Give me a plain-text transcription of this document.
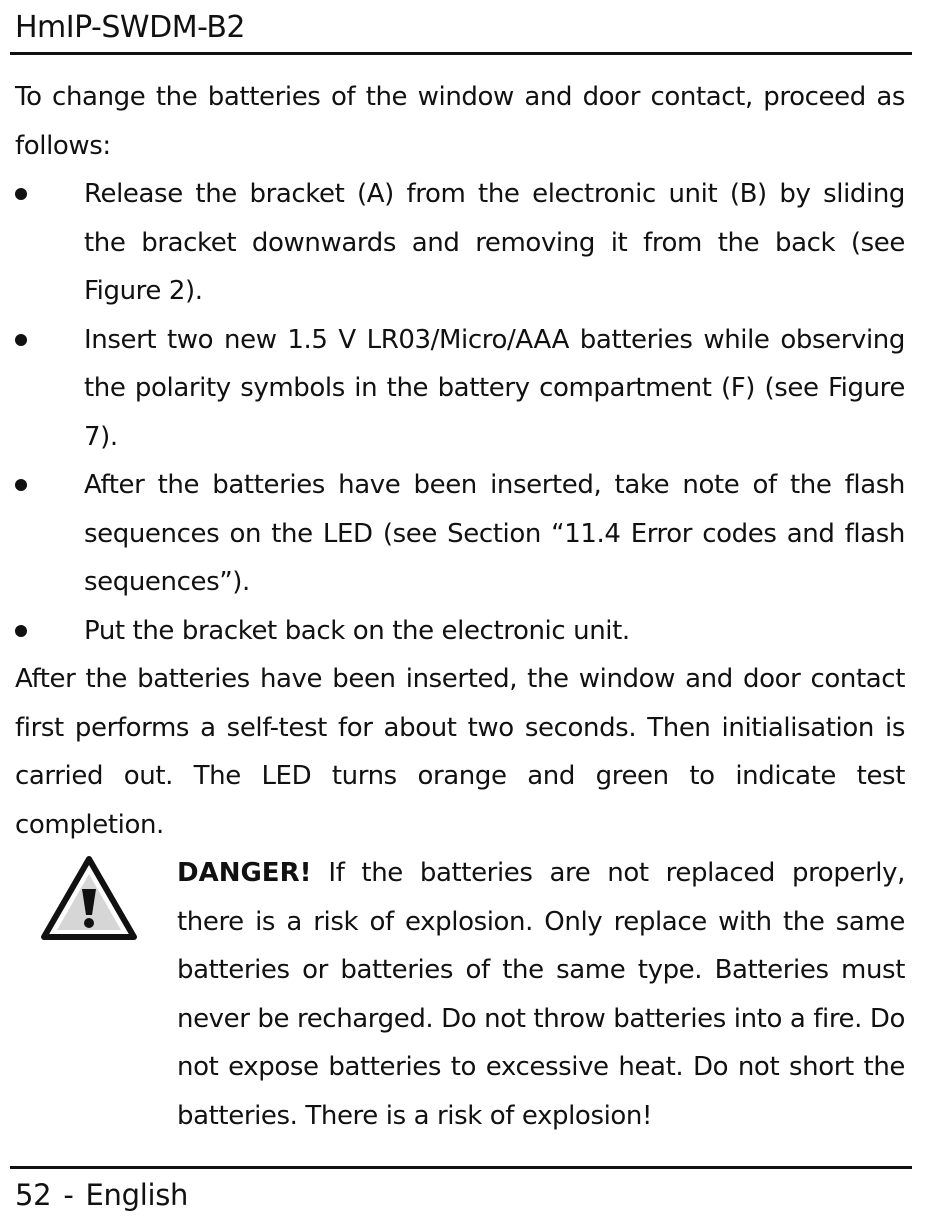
HmIP-SWDM-B2

To change the batteries of the window and door contact, proceed as follows:

Release the bracket (A) from the electronic unit (B) by sliding the bracket downwards and removing it from the back (see Figure 2).
Insert two new 1.5 V LR03/Micro/AAA batteries while observing the polarity symbols in the battery compartment (F) (see Figure 7).
After the batteries have been inserted, take note of the flash sequences on the LED (see Section “11.4 Error codes and flash sequences”).
Put the bracket back on the electronic unit.

After the batteries have been inserted, the window and door contact first performs a self-test for about two seconds. Then initialisation is carried out. The LED turns orange and green to indicate test completion.

DANGER! If the batteries are not replaced properly, there is a risk of explosion. Only replace with the same batteries or batteries of the same type. Batteries must never be recharged. Do not throw batteries into a fire. Do not expose batteries to excessive heat. Do not short the batteries. There is a risk of explosion!

52 - English
